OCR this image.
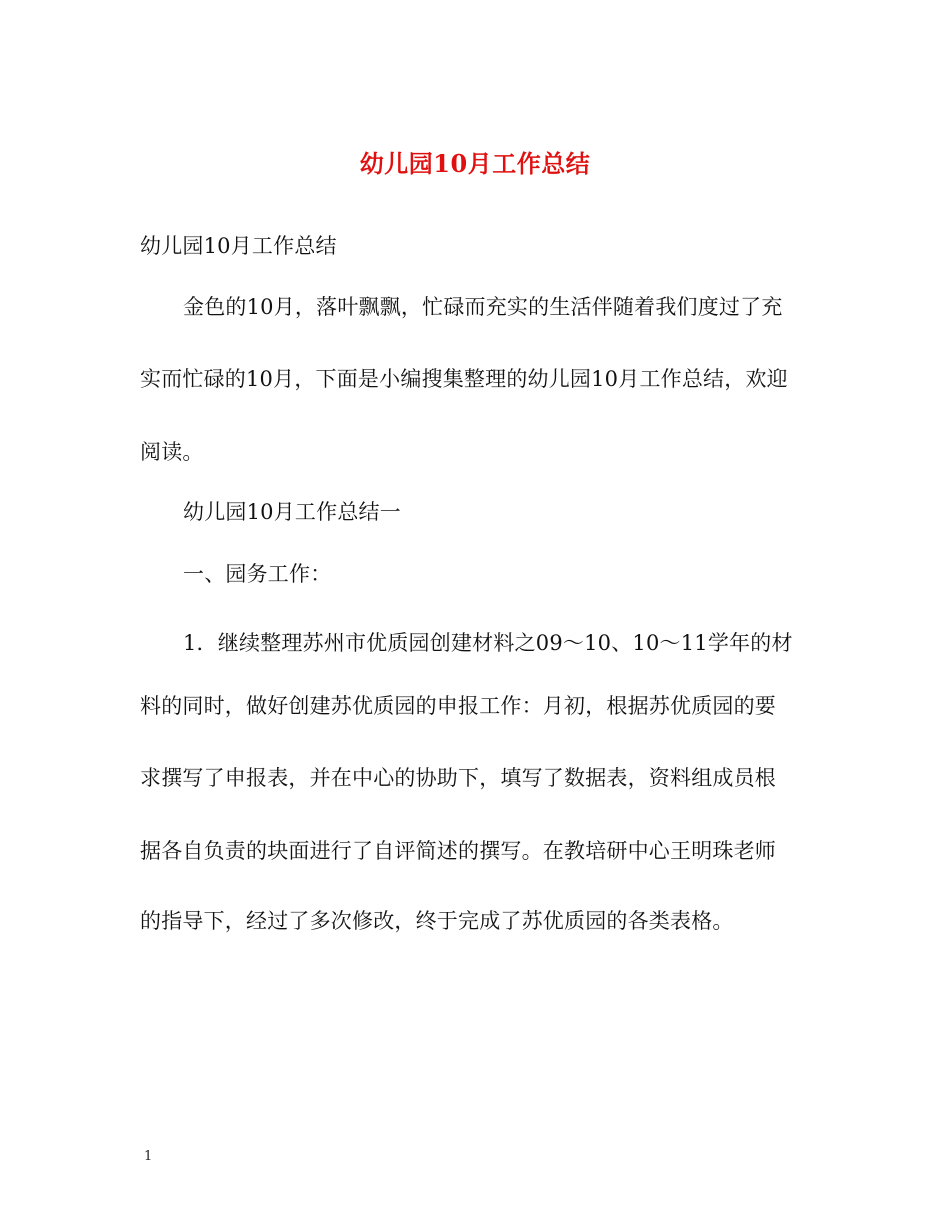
幼儿园10月工作总结
幼儿园10月工作总结
金色的10月，落叶飘飘，忙碌而充实的生活伴随着我们度过了充
实而忙碌的10月，下面是小编搜集整理的幼儿园10月工作总结，欢迎
阅读。
幼儿园10月工作总结一
一、园务工作：
1．继续整理苏州市优质园创建材料之09～10、10～11学年的材
料的同时，做好创建苏优质园的申报工作：月初，根据苏优质园的要
求撰写了申报表，并在中心的协助下，填写了数据表，资料组成员根
据各自负责的块面进行了自评简述的撰写。在教培研中心王明珠老师
的指导下，经过了多次修改，终于完成了苏优质园的各类表格。
1
